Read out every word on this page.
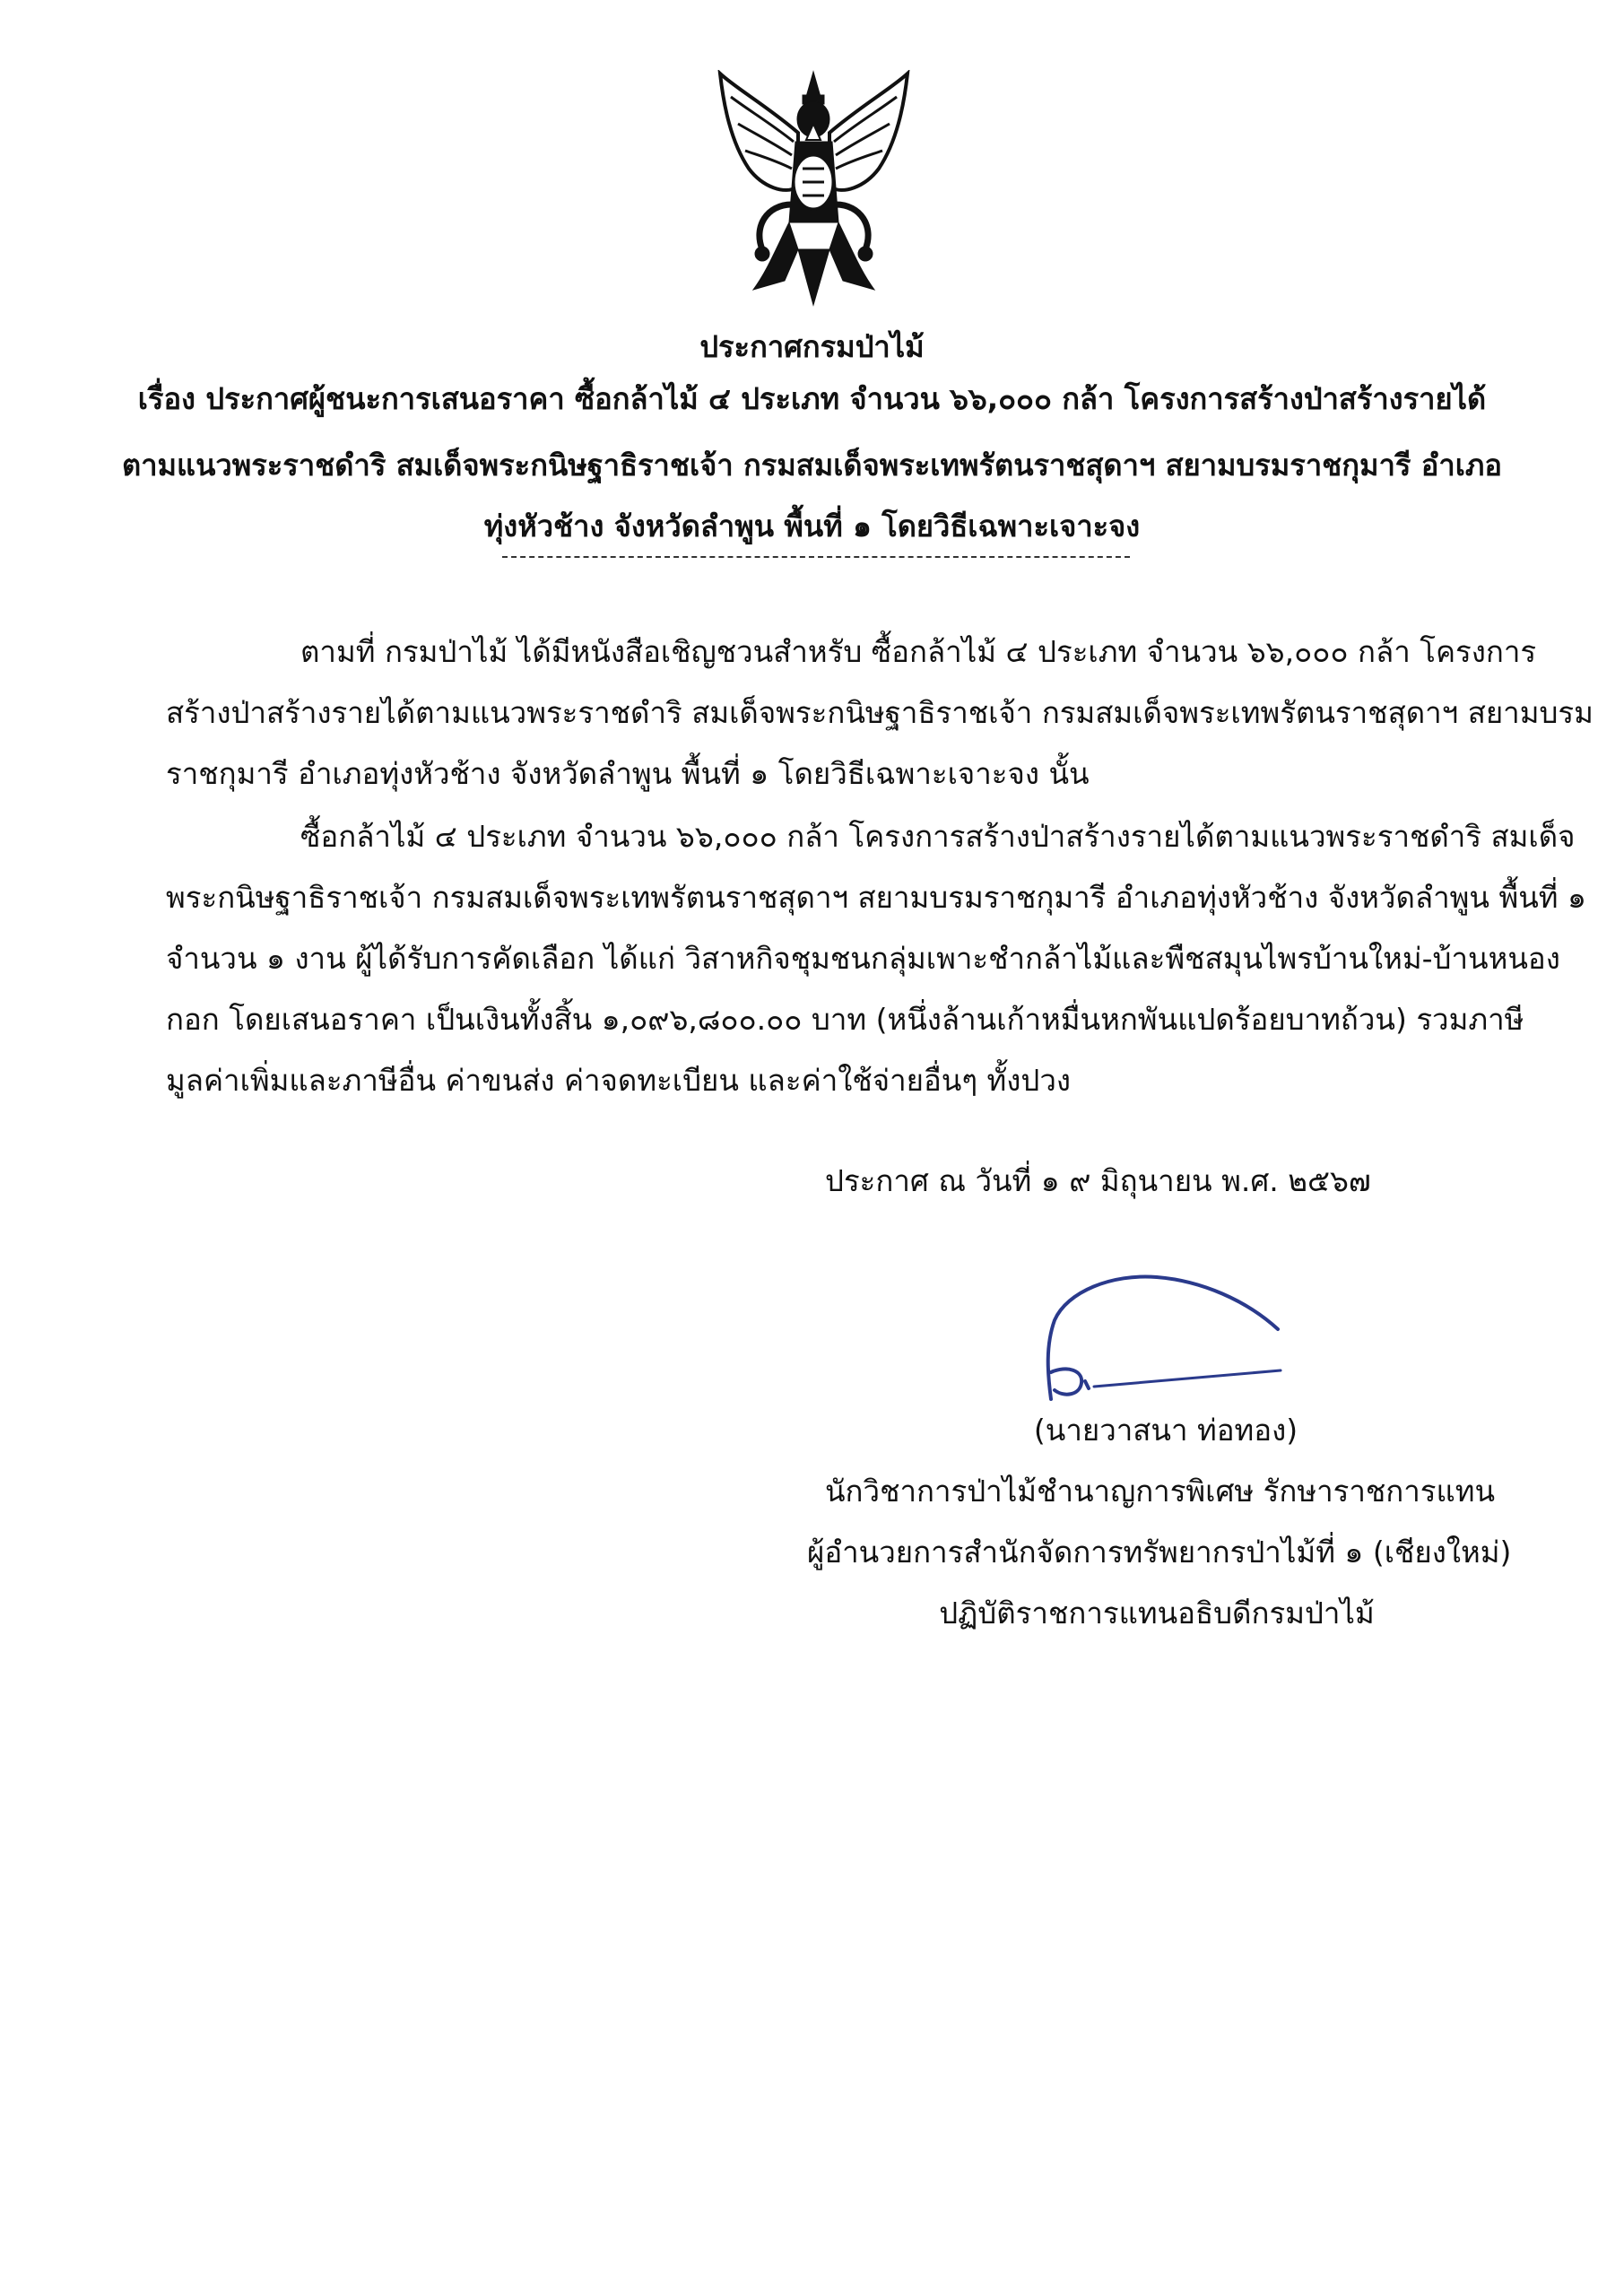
ประกาศกรมป่าไม้
เรื่อง ประกาศผู้ชนะการเสนอราคา ซื้อกล้าไม้ ๔ ประเภท จำนวน ๖๖,๐๐๐ กล้า โครงการสร้างป่าสร้างรายได้
ตามแนวพระราชดำริ สมเด็จพระกนิษฐาธิราชเจ้า กรมสมเด็จพระเทพรัตนราชสุดาฯ สยามบรมราชกุมารี อำเภอ
ทุ่งหัวช้าง จังหวัดลำพูน พื้นที่ ๑ โดยวิธีเฉพาะเจาะจง
ตามที่ กรมป่าไม้ ได้มีหนังสือเชิญชวนสำหรับ ซื้อกล้าไม้ ๔ ประเภท จำนวน ๖๖,๐๐๐ กล้า โครงการ
สร้างป่าสร้างรายได้ตามแนวพระราชดำริ สมเด็จพระกนิษฐาธิราชเจ้า กรมสมเด็จพระเทพรัตนราชสุดาฯ สยามบรม
ราชกุมารี อำเภอทุ่งหัวช้าง จังหวัดลำพูน พื้นที่ ๑ โดยวิธีเฉพาะเจาะจง นั้น
ซื้อกล้าไม้ ๔ ประเภท จำนวน ๖๖,๐๐๐ กล้า โครงการสร้างป่าสร้างรายได้ตามแนวพระราชดำริ สมเด็จ
พระกนิษฐาธิราชเจ้า กรมสมเด็จพระเทพรัตนราชสุดาฯ สยามบรมราชกุมารี อำเภอทุ่งหัวช้าง จังหวัดลำพูน พื้นที่ ๑
จำนวน ๑ งาน ผู้ได้รับการคัดเลือก ได้แก่ วิสาหกิจชุมชนกลุ่มเพาะชำกล้าไม้และพืชสมุนไพรบ้านใหม่-บ้านหนอง
กอก โดยเสนอราคา เป็นเงินทั้งสิ้น ๑,๐๙๖,๘๐๐.๐๐ บาท (หนึ่งล้านเก้าหมื่นหกพันแปดร้อยบาทถ้วน) รวมภาษี
มูลค่าเพิ่มและภาษีอื่น ค่าขนส่ง ค่าจดทะเบียน และค่าใช้จ่ายอื่นๆ ทั้งปวง
ประกาศ ณ วันที่ ๑ ๙ มิถุนายน พ.ศ. ๒๕๖๗
(นายวาสนา ท่อทอง)
นักวิชาการป่าไม้ชำนาญการพิเศษ รักษาราชการแทน
ผู้อำนวยการสำนักจัดการทรัพยากรป่าไม้ที่ ๑ (เชียงใหม่)
ปฏิบัติราชการแทนอธิบดีกรมป่าไม้
